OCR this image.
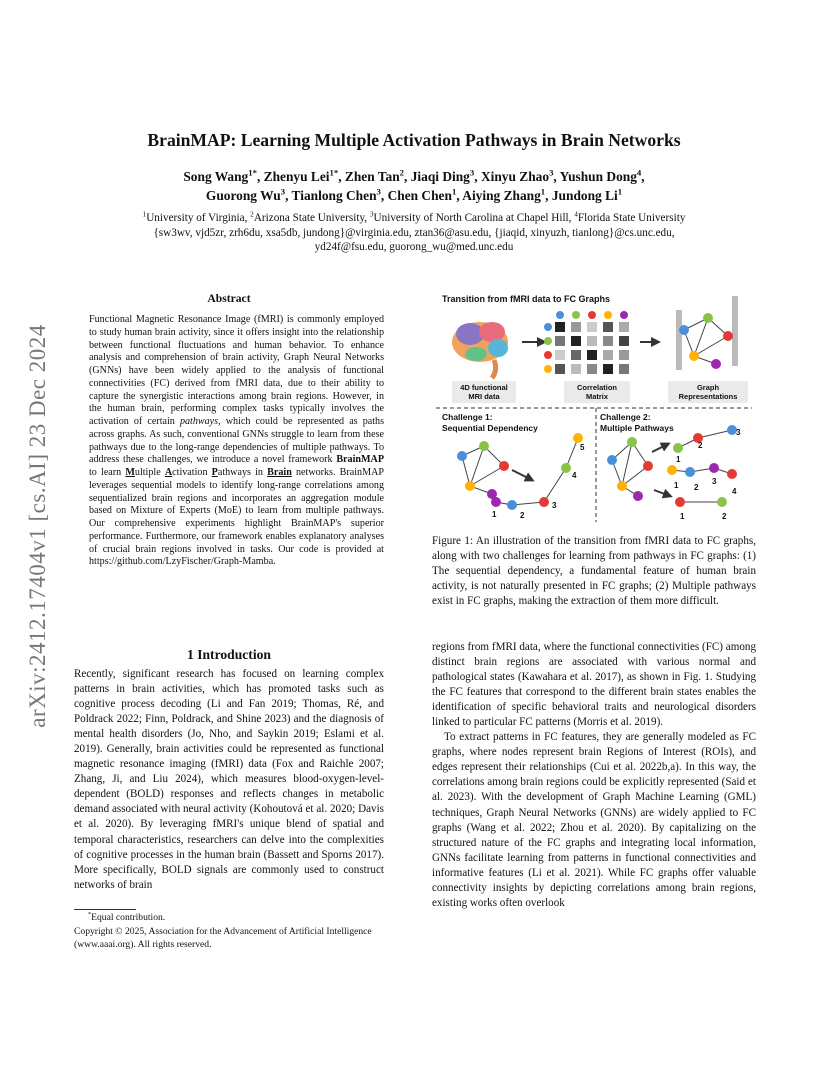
arXiv:2412.17404v1 [cs.AI] 23 Dec 2024
BrainMAP: Learning Multiple Activation Pathways in Brain Networks
Song Wang$^{1*}$, Zhenyu Lei$^{1*}$, Zhen Tan$^2$, Jiaqi Ding$^3$, Xinyu Zhao$^3$, Yushun Dong$^4$,
Guorong Wu$^3$, Tianlong Chen$^3$, Chen Chen$^1$, Aiying Zhang$^1$, Jundong Li$^1$
$^1$University of Virginia, $^2$Arizona State University, $^3$University of North Carolina at Chapel Hill, $^4$Florida State University
{sw3wv, vjd5zr, zrh6du, xsa5db, jundong}@virginia.edu, ztan36@asu.edu, {jiaqid, xinyuzh, tianlong}@cs.unc.edu,
yd24f@fsu.edu, guorong_wu@med.unc.edu
Abstract
Functional Magnetic Resonance Image (fMRI) is commonly employed to study human brain activity, since it offers insight into the relationship between functional fluctuations and human behavior. To enhance analysis and comprehension of brain activity, Graph Neural Networks (GNNs) have been widely applied to the analysis of functional connectivities (FC) derived from fMRI data, due to their ability to capture the synergistic interactions among brain regions. However, in the human brain, performing complex tasks typically involves the activation of certain pathways, which could be represented as paths across graphs. As such, conventional GNNs struggle to learn from these pathways due to the long-range dependencies of multiple pathways. To address these challenges, we introduce a novel framework BrainMAP to learn Multiple Activation Pathways in Brain networks. BrainMAP leverages sequential models to identify long-range correlations among sequentialized brain regions and incorporates an aggregation module based on Mixture of Experts (MoE) to learn from multiple pathways. Our comprehensive experiments highlight BrainMAP's superior performance. Furthermore, our framework enables explanatory analyses of crucial brain regions involved in tasks. Our code is provided at https://github.com/LzyFischer/Graph-Mamba.
1 Introduction
Recently, significant research has focused on learning complex patterns in brain activities, which has promoted tasks such as cognitive process decoding (Li and Fan 2019; Thomas, Ré, and Poldrack 2022; Finn, Poldrack, and Shine 2023) and the diagnosis of mental health disorders (Jo, Nho, and Saykin 2019; Eslami et al. 2019). Generally, brain activities could be represented as functional magnetic resonance imaging (fMRI) data (Fox and Raichle 2007; Zhang, Ji, and Liu 2024), which measures blood-oxygen-level-dependent (BOLD) responses and reflects changes in metabolic demand associated with neural activity (Kohoutová et al. 2020; Davis et al. 2020). By leveraging fMRI's unique blend of spatial and temporal characteristics, researchers can delve into the complexities of cognitive processes in the human brain (Bassett and Sporns 2017). More specifically, BOLD signals are commonly used to construct networks of brain
*Equal contribution.
Copyright © 2025, Association for the Advancement of Artificial Intelligence (www.aaai.org). All rights reserved.
Transition from fMRI data to FC Graphs
4D functional
MRI data
Correlation
Matrix
Graph
Representations
Challenge 1:
Sequential Dependency
Challenge 2:
Multiple Pathways
1	2
3
4
5
1
2
3
4
1 2
3
1	2
Figure 1: An illustration of the transition from fMRI data to FC graphs, along with two challenges for learning from pathways in FC graphs: (1) The sequential dependency, a fundamental feature of human brain activity, is not naturally presented in FC graphs; (2) Multiple pathways exist in FC graphs, making the extraction of them more difficult.

regions from fMRI data, where the functional connectivities (FC) among distinct brain regions are associated with various normal and pathological states (Kawahara et al. 2017), as shown in Fig. 1. Studying the FC features that correspond to the different brain states enables the identification of specific behavioral traits and neurological disorders linked to particular FC patterns (Morris et al. 2019).

To extract patterns in FC features, they are generally modeled as FC graphs, where nodes represent brain Regions of Interest (ROIs), and edges represent their relationships (Cui et al. 2022b,a). In this way, the correlations among brain regions could be explicitly represented (Said et al. 2023). With the development of Graph Machine Learning (GML) techniques, Graph Neural Networks (GNNs) are widely applied to FC graphs (Wang et al. 2022; Zhou et al. 2020). By capitalizing on the structured nature of the FC graphs and integrating local information, GNNs facilitate learning from patterns in functional connectivities and informative features (Li et al. 2021). While FC graphs offer valuable connectivity insights by depicting correlations among brain regions, existing works often overlook
